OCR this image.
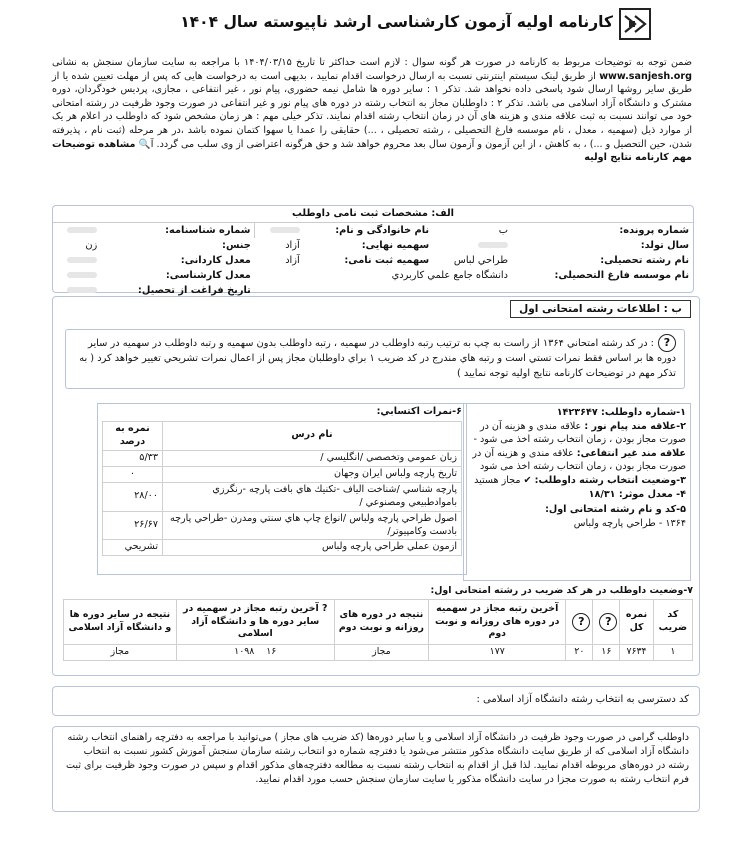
کارنامه اولیه آزمون کارشناسی ارشد ناپیوسته سال ۱۴۰۴

ضمن توجه به توضیحات مربوط به کارنامه در صورت هر گونه سوال : لازم است حداکثر تا تاریخ ۱۴۰۴/۰۳/۱۵ با مراجعه به سایت سازمان سنجش به نشانی www.sanjesh.org از طریق لینک سیستم اینترنتی نسبت به ارسال درخواست اقدام نمایید ، بدیهی است به درخواست هایی که پس از مهلت تعیین شده یا از طریق سایر روشها ارسال شود پاسخی داده نخواهد شد. تذکر ۱ : سایر دوره ها شامل نیمه حضوری، پیام نور ، غیر انتفاعی ، مجازی، پردیس خودگردان، دوره مشترک و دانشگاه آزاد اسلامی می باشد. تذکر ۲ : داوطلبان مجاز به انتخاب رشته در دوره های پیام نور و غیر انتفاعی در صورت وجود ظرفیت در رشته امتحانی خود می توانند نسبت به ثبت علاقه مندی و هزینه های آن در زمان انتخاب رشته اقدام نمایند. تذکر خیلی مهم : هر زمان مشخص شود که داوطلب در اعلام هر یک از موارد ذیل (سهمیه ، معدل ، نام موسسه فارغ التحصیلی ، رشته تحصیلی ، ...) حقایقی را عمدا یا سهوا کتمان نموده باشد ،در هر مرحله (ثبت نام ، پذیرفته شدن، حین التحصیل و ...) ، به کاهش ، از این آزمون و آزمون سال بعد محروم خواهد شد و حق هرگونه اعتراضی از وی سلب می گردد. آ🔍 مشاهده توضیحات مهم کارنامه نتایج اولیه

الف: مشخصات ثبت نامی داوطلب					
شماره پرونده:	ب	نام خانوادگی و نام:		شماره شناسنامه:	
سال تولد:		سهمیه نهایی:	آزاد	جنس:	زن
نام رشته تحصیلی:	طراحي لباس	سهمیه ثبت نامی:	آزاد	معدل کاردانی:	
نام موسسه فارغ التحصیلی:	دانشگاه جامع علمي كاربردي			معدل کارشناسی:	
				تاریخ فراغت از تحصیل:	
ب : اطلاعات رشته امتحانی اول
?: در كد رشته امتحاني ۱۳۶۴ از راست به چپ به ترتیب رتبه داوطلب در سهمیه ، رتبه داوطلب بدون سهمیه و رتبه داوطلب در سهمیه در سایر دوره ها بر اساس فقط نمرات تستي است و رتبه هاي مندرج در كد ضريب ۱ براي داوطلبان مجاز پس از اعمال نمرات تشريحي تغيير خواهد كرد ( به تذکر مهم در توضیحات کارنامه نتایج اولیه توجه نمایید )

۱-شماره داوطلب: ۱۴۲۳۶۴۷

۲-علاقه مند پیام نور : علاقه مندی و هزینه آن در صورت مجاز بودن ، زمان انتخاب رشته اخذ می شود - علاقه مند غیر انتفاعی: علاقه مندی و هزینه آن در صورت مجاز بودن ، زمان انتخاب رشته اخذ می شود

۳-وضعیت انتخاب رشته داوطلب: ✔ مجاز هستید

۴- معدل موثر: ۱۸/۳۱

۵-کد و نام رشته امتحانی اول:

۱۳۶۴ - طراحي پارچه ولباس

۶-نمرات اكتسابي:
نام درس	نمره به درصد
زبان عمومي وتخصصي /انگليسي /	۵/۳۳
تاريخ پارچه ولباس ايران وجهان	۰
پارچه شناسي /شناخت الياف -تكنيك هاي بافت پارچه -رنگرزي باموادطبيعي ومصنوعي /	۲۸/۰۰
اصول طراحي پارچه ولباس /انواع چاپ هاي سنتي ومدرن -طراحي پارچه بادست وكامپيوتر/	۲۶/۶۷
ازمون عملي طراحي پارچه ولباس	تشريحي
۷-وضعیت داوطلب در هر کد ضریب در رشته امتحانی اول:
کد ضریب	نمره کل	?	?	آخرین رتبه مجاز در سهمیه در دوره های روزانه و نوبت دوم	نتیجه در دوره های روزانه و نوبت دوم	? آخرین رتبه مجاز در سهمیه در سایر دوره ها و دانشگاه آزاد اسلامی	نتیجه در سایر دوره ها و دانشگاه آزاد اسلامی
۱	۷۶۳۴	۱۶	۲۰	۱۷۷	مجاز	۱۶    ۱۰۹۸	مجاز
کد دسترسی به انتخاب رشته دانشگاه آزاد اسلامی :
داوطلب گرامی در صورت وجود ظرفیت در دانشگاه آزاد اسلامی و یا سایر دوره‌ها (کد ضریب های مجاز ) می‌توانید با مراجعه به دفترچه راهنمای انتخاب رشته دانشگاه آزاد اسلامی که از طریق سایت دانشگاه مذکور منتشر می‌شود یا دفترچه شماره دو انتخاب رشته سازمان سنجش آموزش کشور نسبت به انتخاب رشته در دوره‌های مربوطه اقدام نمایید. لذا قبل از اقدام به انتخاب رشته نسبت به مطالعه دفترچه‌های مذکور اقدام و سپس در صورت وجود ظرفیت برای ثبت فرم انتخاب رشته به صورت مجزا در سایت دانشگاه مذکور یا سایت سازمان سنجش حسب مورد اقدام نمایید.
